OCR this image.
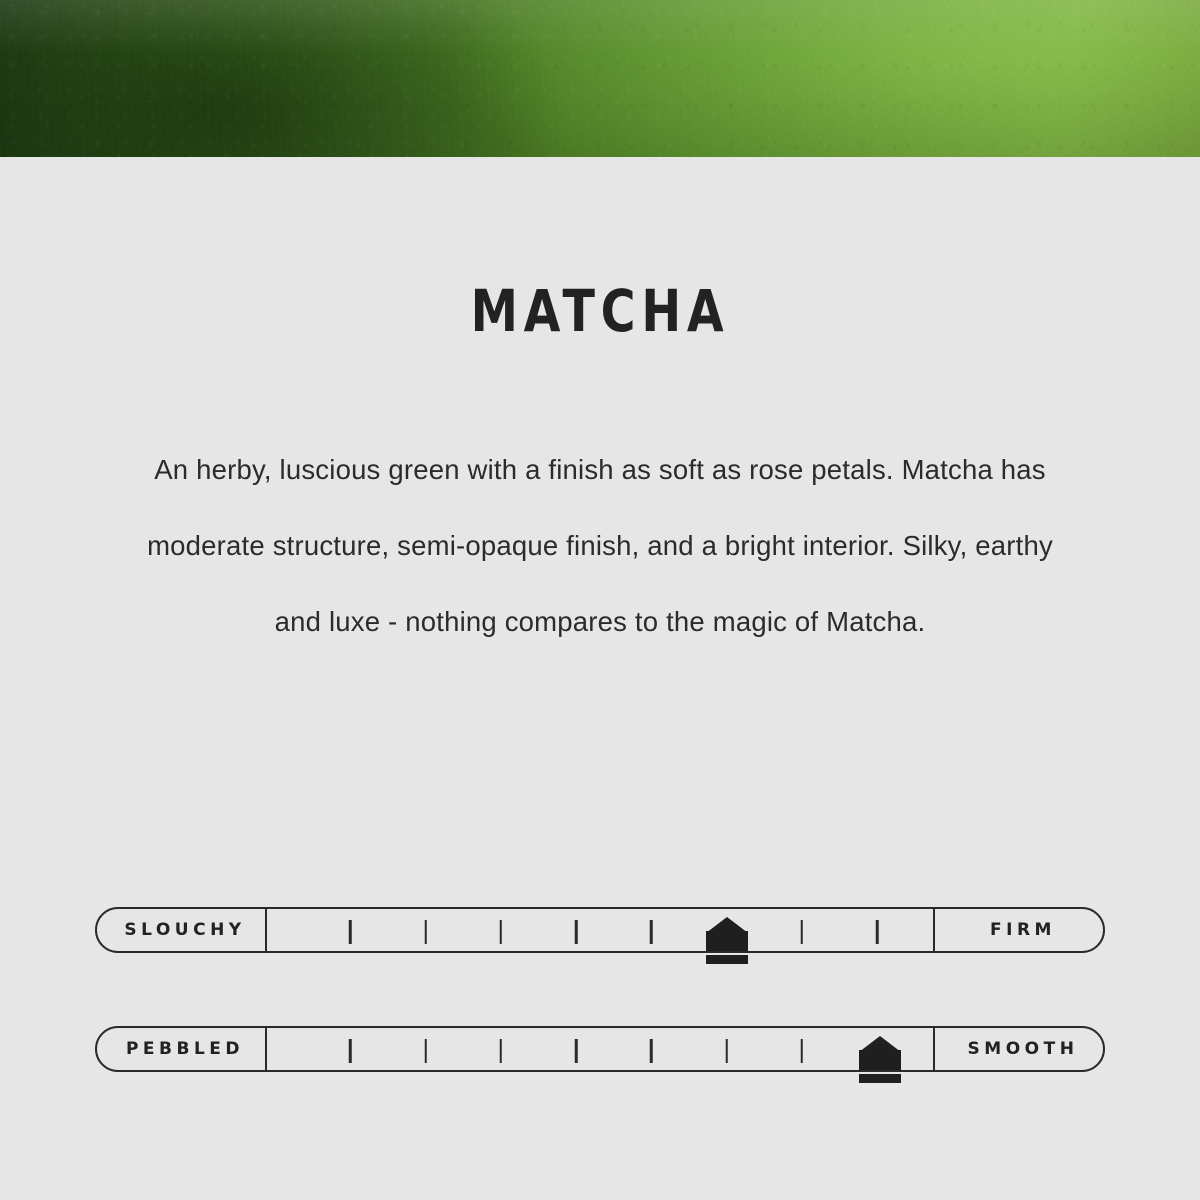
MATCHA
An herby, luscious green with a finish as soft as rose petals. Matcha has moderate structure, semi-opaque finish, and a bright interior. Silky, earthy and luxe - nothing compares to the magic of Matcha.
SLOUCHY	FIRM
PEBBLED	SMOOTH
